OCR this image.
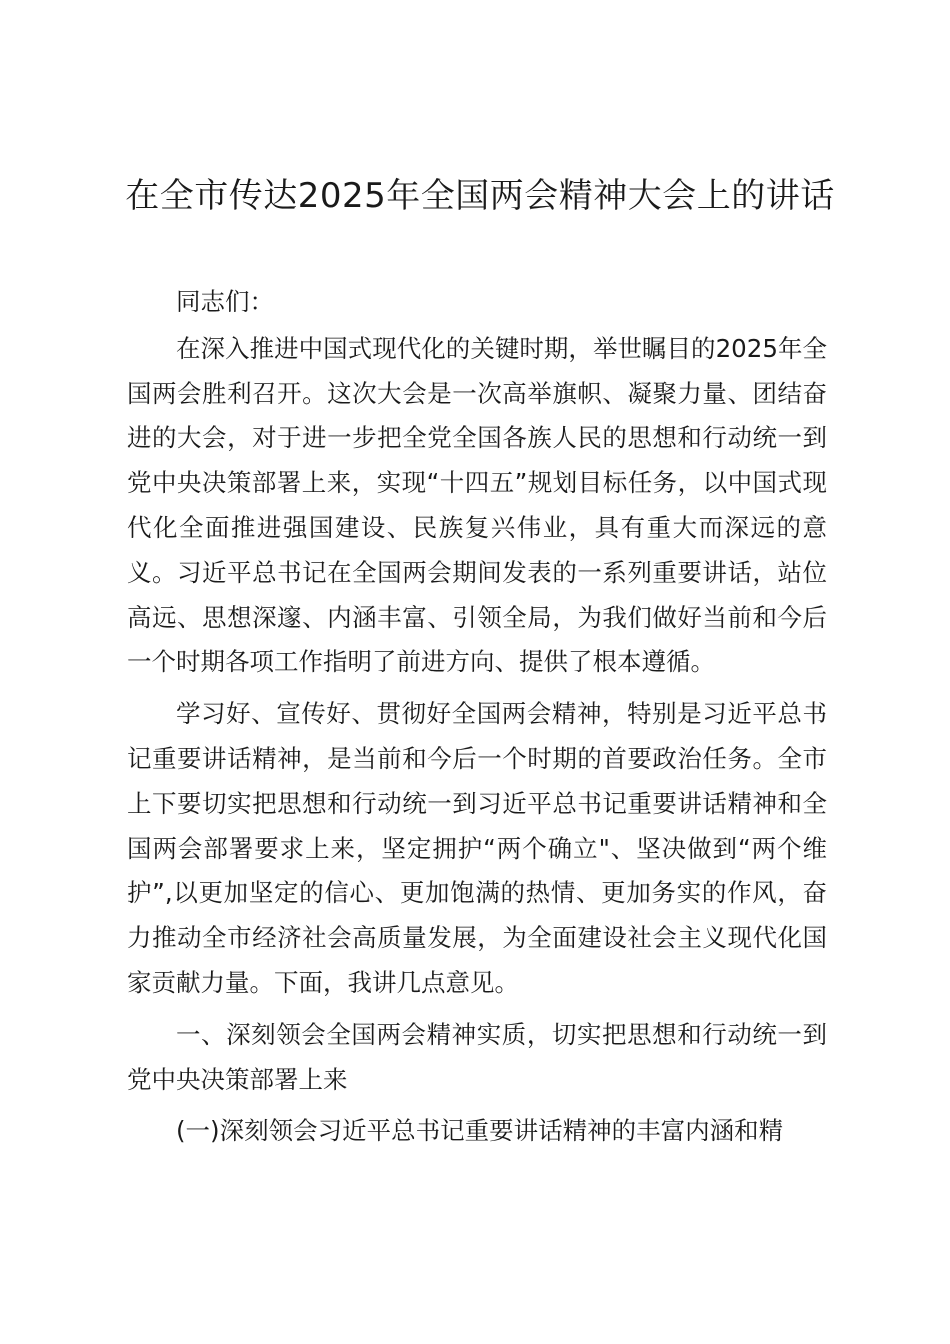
在全市传达2025年全国两会精神大会上的讲话

同志们：

在深入推进中国式现代化的关键时期，举世瞩目的2025年全国两会胜利召开。这次大会是一次高举旗帜、凝聚力量、团结奋进的大会，对于进一步把全党全国各族人民的思想和行动统一到党中央决策部署上来，实现“十四五”规划目标任务，以中国式现代化全面推进强国建设、民族复兴伟业，具有重大而深远的意义。习近平总书记在全国两会期间发表的一系列重要讲话，站位高远、思想深邃、内涵丰富、引领全局，为我们做好当前和今后一个时期各项工作指明了前进方向、提供了根本遵循。

学习好、宣传好、贯彻好全国两会精神，特别是习近平总书记重要讲话精神，是当前和今后一个时期的首要政治任务。全市上下要切实把思想和行动统一到习近平总书记重要讲话精神和全国两会部署要求上来，坚定拥护“两个确立"、坚决做到“两个维护”,以更加坚定的信心、更加饱满的热情、更加务实的作风，奋力推动全市经济社会高质量发展，为全面建设社会主义现代化国家贡献力量。下面，我讲几点意见。

一、深刻领会全国两会精神实质，切实把思想和行动统一到党中央决策部署上来

(一)深刻领会习近平总书记重要讲话精神的丰富内涵和精
